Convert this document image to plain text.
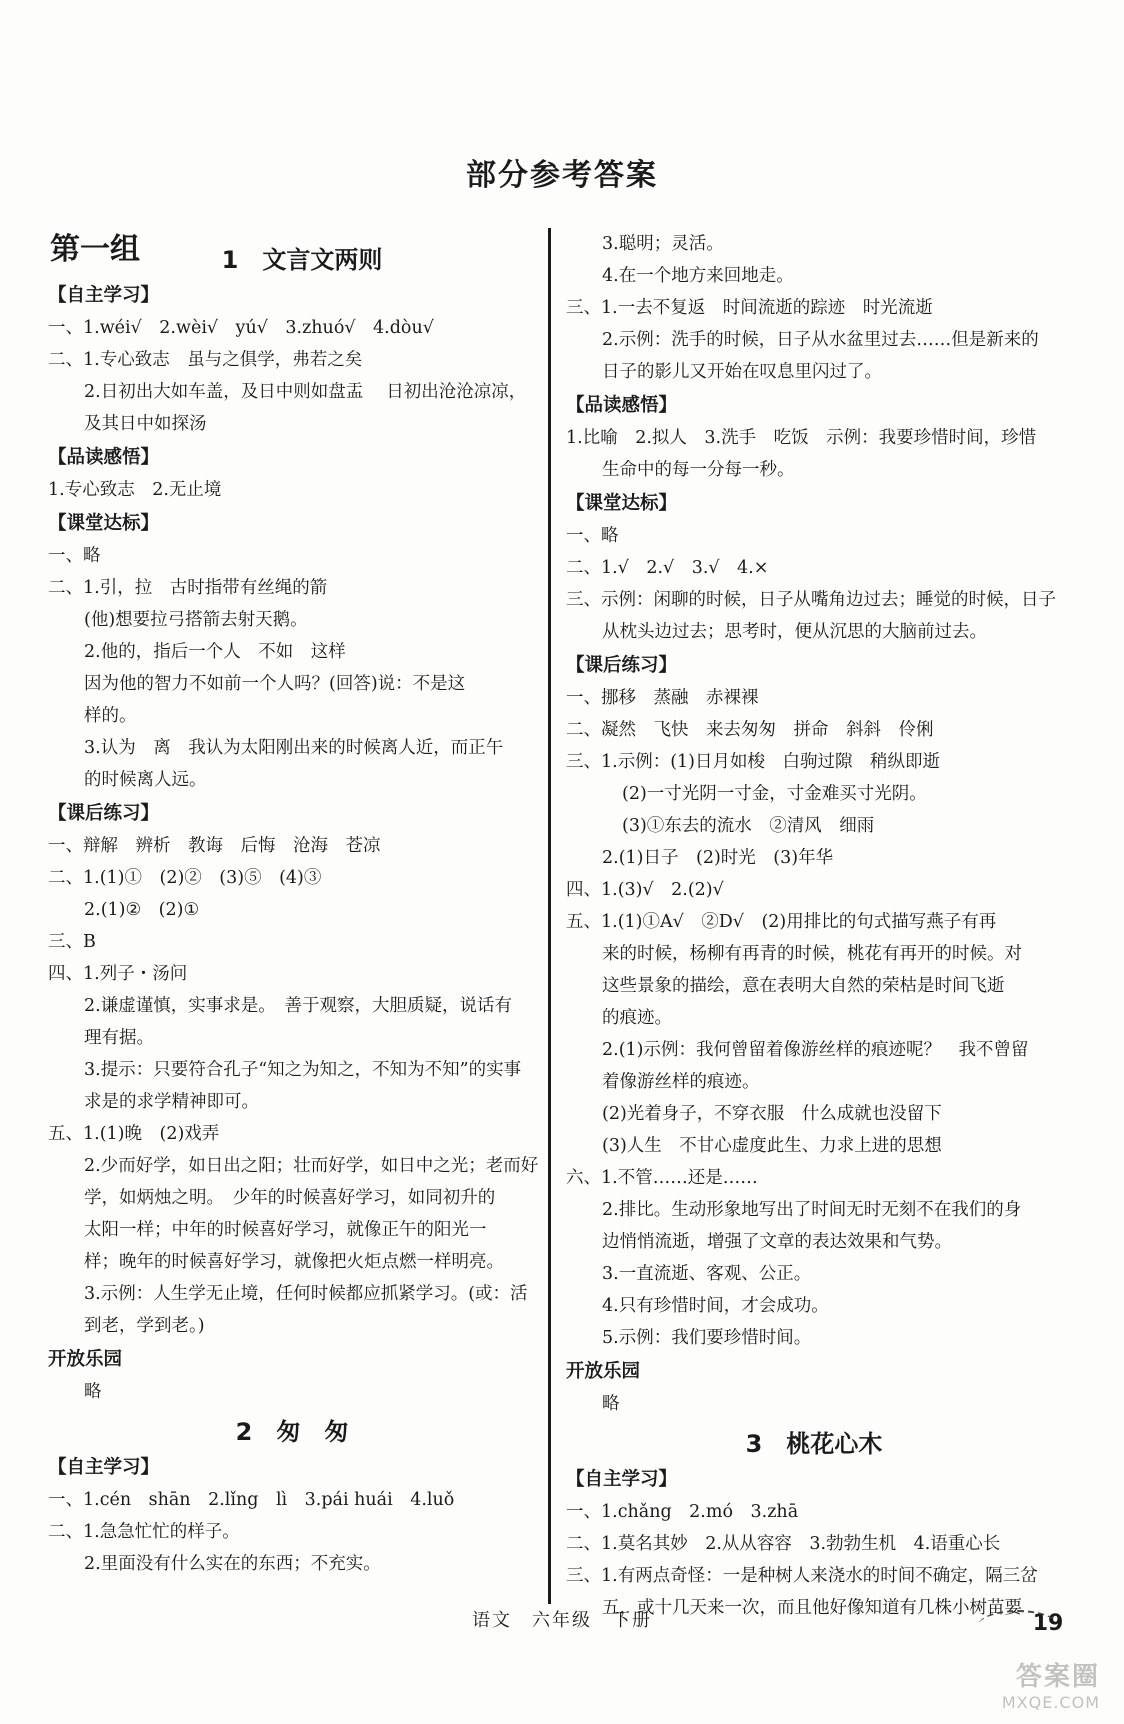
部分参考答案
第一组	1　文言文两则
【自主学习】
一、1.wéi√　2.wèi√　yú√　3.zhuó√　4.dòu√
二、1.专心致志　虽与之俱学，弗若之矣
2.日初出大如车盖，及日中则如盘盂　 日初出沧沧凉凉，
及其日中如探汤
【品读感悟】
1.专心致志　2.无止境
【课堂达标】
一、略
二、1.引，拉　古时指带有丝绳的箭
(他)想要拉弓搭箭去射天鹅。
2.他的，指后一个人　不如　这样
因为他的智力不如前一个人吗？(回答)说：不是这
样的。
3.认为　离　我认为太阳刚出来的时候离人近，而正午
的时候离人远。
【课后练习】
一、辩解　辨析　教诲　后悔　沧海　苍凉
二、1.(1)①　(2)②　(3)⑤　(4)③
2.(1)②　(2)①
三、B
四、1.列子・汤问
2.谦虚谨慎，实事求是。　善于观察，大胆质疑，说话有
理有据。
3.提示：只要符合孔子“知之为知之，不知为不知”的实事
求是的求学精神即可。
五、1.(1)晚　(2)戏弄
2.少而好学，如日出之阳；壮而好学，如日中之光；老而好
学，如炳烛之明。　少年的时候喜好学习，如同初升的
太阳一样；中年的时候喜好学习，就像正午的阳光一
样；晚年的时候喜好学习，就像把火炬点燃一样明亮。
3.示例：人生学无止境，任何时候都应抓紧学习。(或：活
到老，学到老。)
开放乐园
略
2　匆　匆
【自主学习】
一、1.cén　shān　2.lǐng　lì　3.pái huái　4.luǒ
二、1.急急忙忙的样子。
2.里面没有什么实在的东西；不充实。
3.聪明；灵活。
4.在一个地方来回地走。
三、1.一去不复返　时间流逝的踪迹　时光流逝
2.示例：洗手的时候，日子从水盆里过去……但是新来的
日子的影儿又开始在叹息里闪过了。
【品读感悟】
1.比喻　2.拟人　3.洗手　吃饭　示例：我要珍惜时间，珍惜
生命中的每一分每一秒。
【课堂达标】
一、略
二、1.√　2.√　3.√　4.×
三、示例：闲聊的时候，日子从嘴角边过去；睡觉的时候，日子
从枕头边过去；思考时，便从沉思的大脑前过去。
【课后练习】
一、挪移　蒸融　赤裸裸
二、凝然　飞快　来去匆匆　拼命　斜斜　伶俐
三、1.示例：(1)日月如梭　白驹过隙　稍纵即逝
(2)一寸光阴一寸金，寸金难买寸光阴。
(3)①东去的流水　②清风　细雨
2.(1)日子　(2)时光　(3)年华
四、1.(3)√　2.(2)√
五、1.(1)①A√　②D√　(2)用排比的句式描写燕子有再
来的时候，杨柳有再青的时候，桃花有再开的时候。对
这些景象的描绘，意在表明大自然的荣枯是时间飞逝
的痕迹。
2.(1)示例：我何曾留着像游丝样的痕迹呢？　我不曾留
着像游丝样的痕迹。
(2)光着身子，不穿衣服　什么成就也没留下
(3)人生　不甘心虚度此生、力求上进的思想
六、1.不管……还是……
2.排比。生动形象地写出了时间无时无刻不在我们的身
边悄悄流逝，增强了文章的表达效果和气势。
3.一直流逝、客观、公正。
4.只有珍惜时间，才会成功。
5.示例：我们要珍惜时间。
开放乐园
略
3　桃花心木
【自主学习】
一、1.chǎng　2.mó　3.zhā
二、1.莫名其妙　2.从从容容　3.勃勃生机　4.语重心长
三、1.有两点奇怪：一是种树人来浇水的时间不确定，隔三岔
五，或十几天来一次，而且他好像知道有几株小树苗要
语文　六年级　下册	19
答案圈
MXQE.COM
